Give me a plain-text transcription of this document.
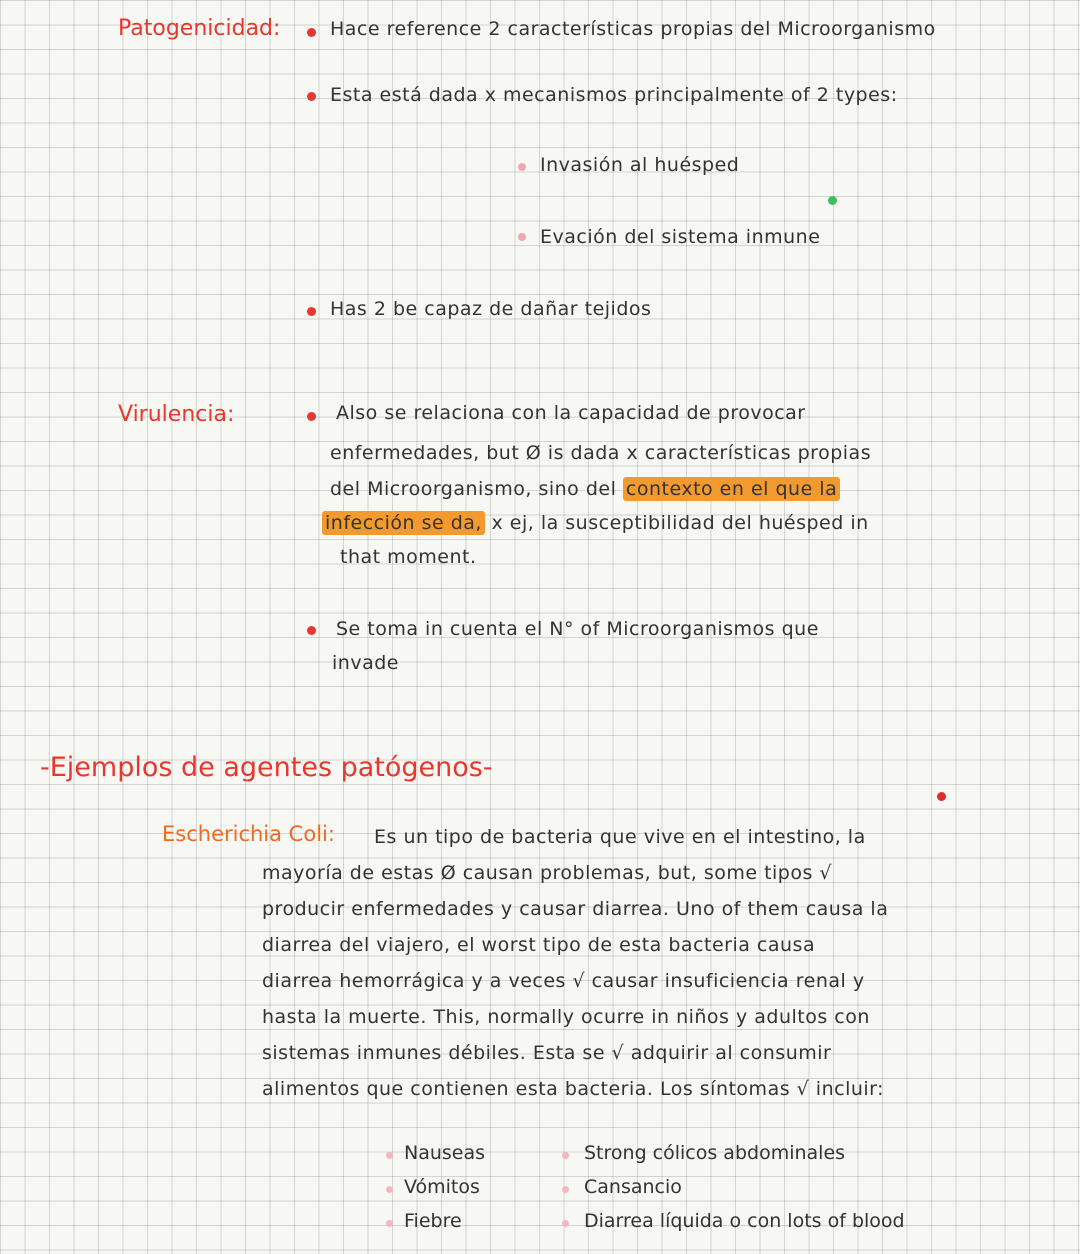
Patogenicidad:	Hace reference 2 características propias del Microorganismo
Esta está dada x mecanismos principalmente of 2 types:
Invasión al huésped
Evación del sistema inmune
Has 2 be capaz de dañar tejidos
Virulencia:	Also se relaciona con la capacidad de provocar
enfermedades, but Ø is dada x características propias
del Microorganismo, sino del contexto en el que la
infección se da, x ej, la susceptibilidad del huésped in
that moment.
Se toma in cuenta el N° of Microorganismos que
invade
-Ejemplos de agentes patógenos-
Escherichia Coli: Es un tipo de bacteria que vive en el intestino, la
mayoría de estas Ø causan problemas, but, some tipos √
producir enfermedades y causar diarrea. Uno of them causa la
diarrea del viajero, el worst tipo de esta bacteria causa
diarrea hemorrágica y a veces √ causar insuficiencia renal y
hasta la muerte. This, normally ocurre in niños y adultos con
sistemas inmunes débiles. Esta se √ adquirir al consumir
alimentos que contienen esta bacteria. Los síntomas √ incluir:
Nauseas
Vómitos
Fiebre
Strong cólicos abdominales
Cansancio
Diarrea líquida o con lots of blood
